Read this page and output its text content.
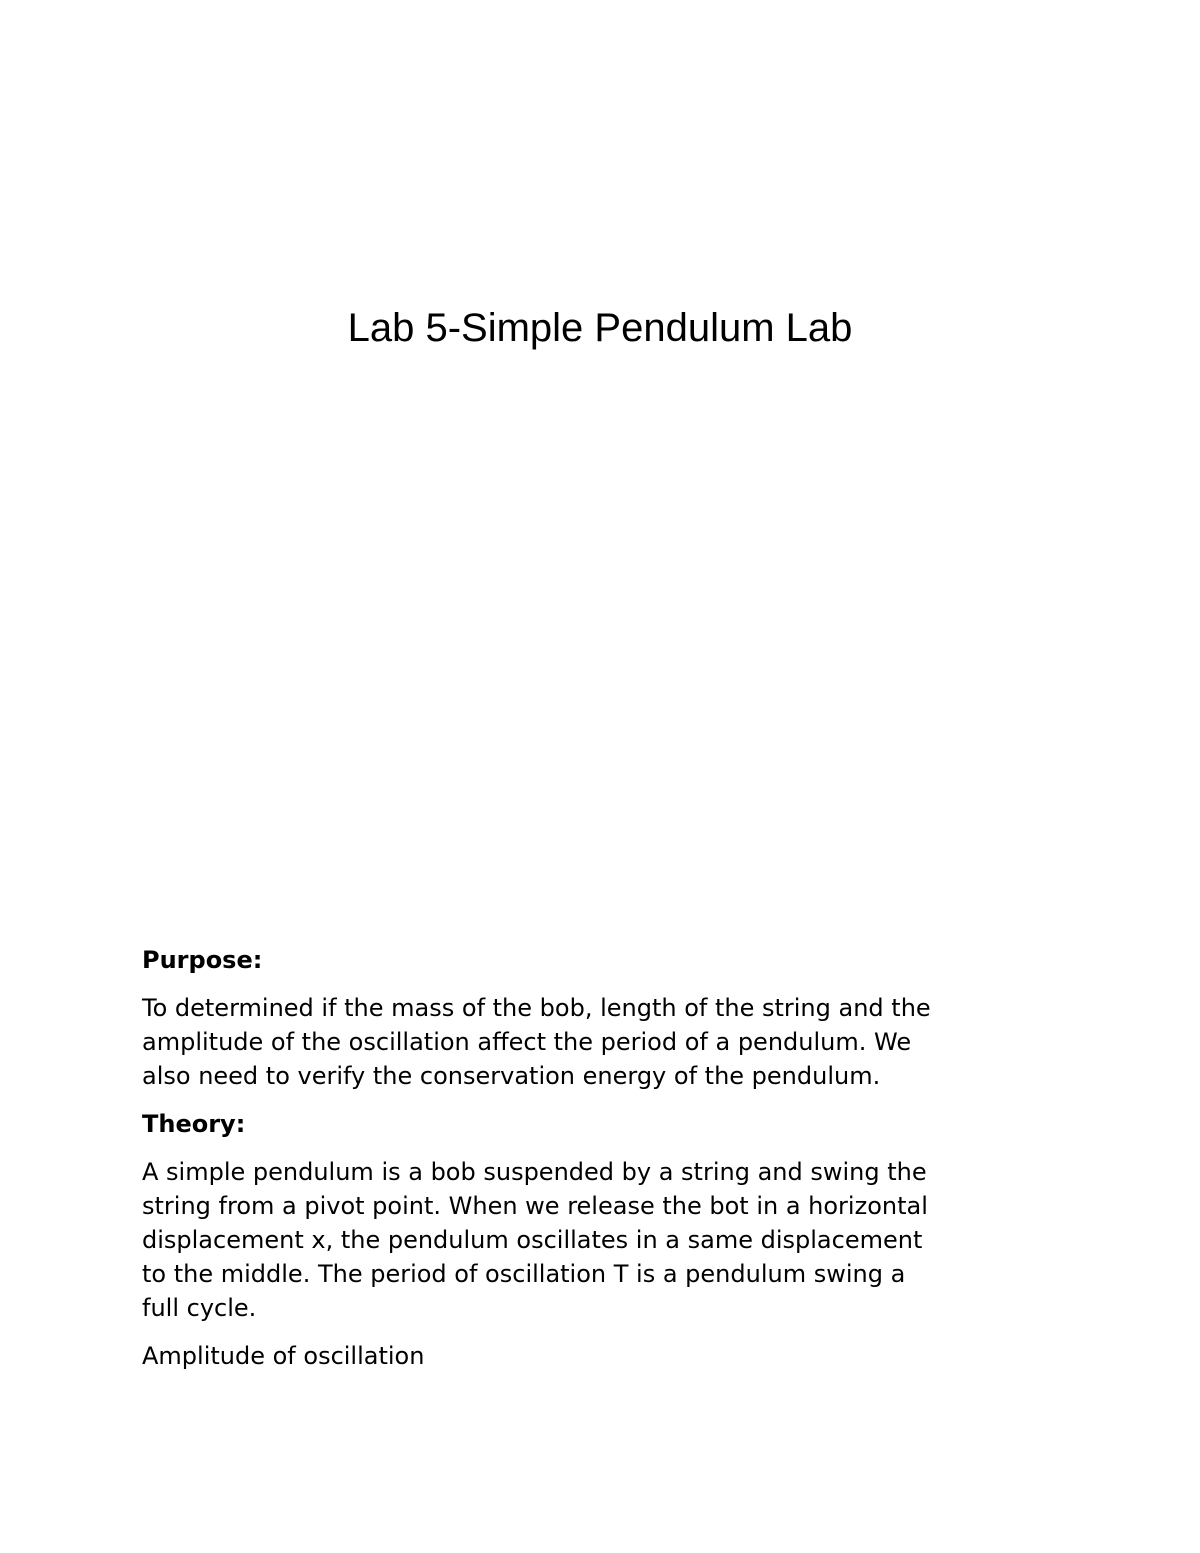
Lab 5-Simple Pendulum Lab

Purpose:

To determined if the mass of the bob, length of the string and the
amplitude of the oscillation affect the period of a pendulum. We
also need to verify the conservation energy of the pendulum.

Theory:

A simple pendulum is a bob suspended by a string and swing the
string from a pivot point. When we release the bot in a horizontal
displacement x, the pendulum oscillates in a same displacement
to the middle. The period of oscillation T is a pendulum swing a
full cycle.

Amplitude of oscillation
